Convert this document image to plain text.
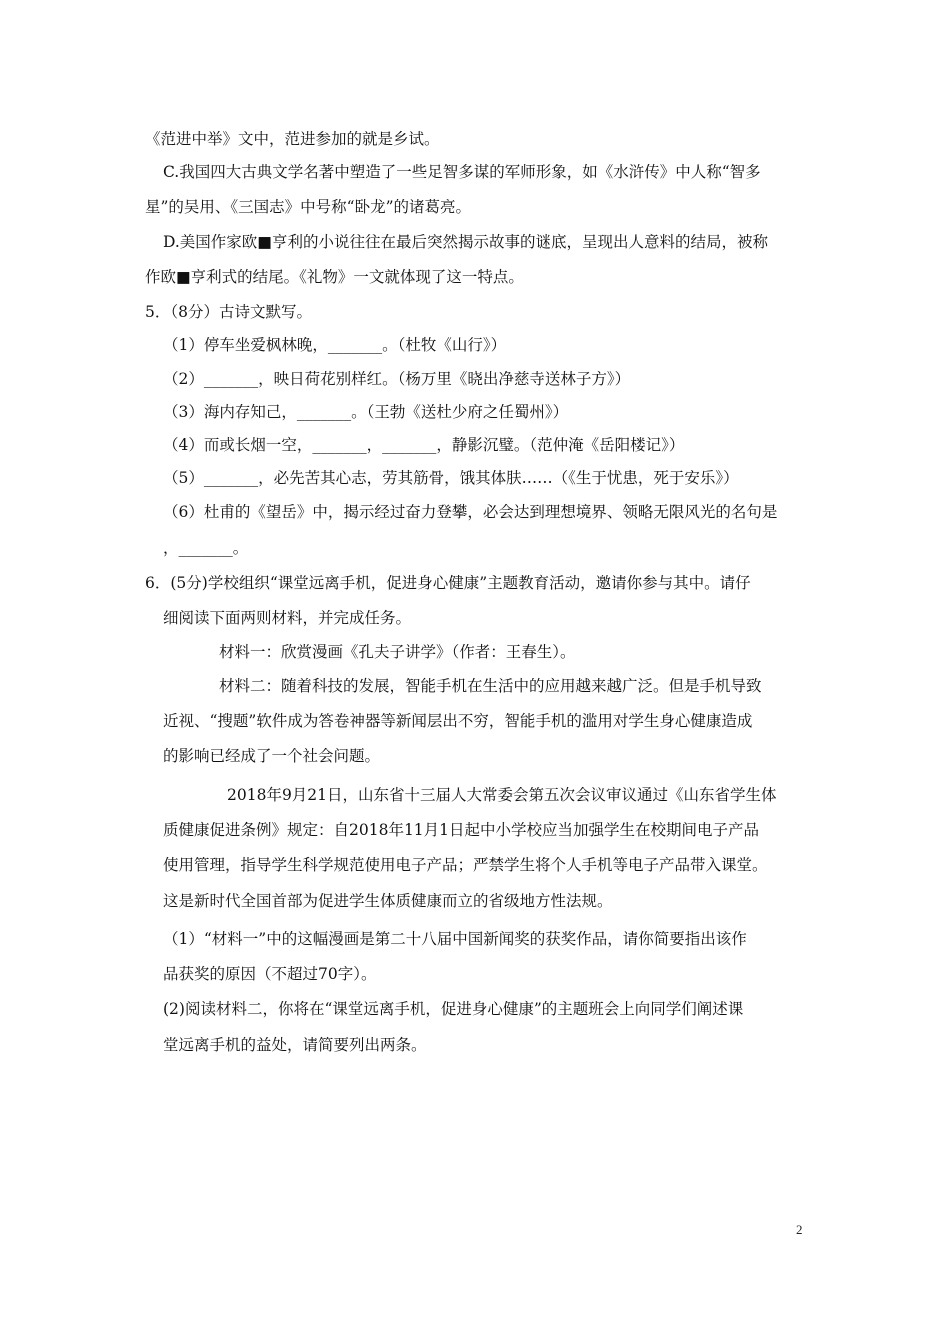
《范进中举》文中，范进参加的就是乡试。
C.我国四大古典文学名著中塑造了一些足智多谋的军师形象，如《水浒传》中人称“智多
星”的吴用、《三国志》中号称“卧龙”的诸葛亮。
D.美国作家欧■亨利的小说往往在最后突然揭示故事的谜底，呈现出人意料的结局，被称
作欧■亨利式的结尾。《礼物》一文就体现了这一特点。
5．（8分）古诗文默写。
（1）停车坐爱枫林晚，_______。（杜牧《山行》）
（2）_______，映日荷花别样红。（杨万里《晓出净慈寺送林子方》）
（3）海内存知己，_______。（王勃《送杜少府之任蜀州》）
（4）而或长烟一空，_______，_______，静影沉璧。（范仲淹《岳阳楼记》）
（5）_______，必先苦其心志，劳其筋骨，饿其体肤……（《生于忧患，死于安乐》）
（6）杜甫的《望岳》中，揭示经过奋力登攀，必会达到理想境界、领略无限风光的名句是
，_______。
6．(5分)学校组织“课堂远离手机，促进身心健康”主题教育活动，邀请你参与其中。请仔
细阅读下面两则材料，并完成任务。
材料一：欣赏漫画《孔夫子讲学》（作者：王春生）。
材料二：随着科技的发展，智能手机在生活中的应用越来越广泛。但是手机导致
近视、“搜题”软件成为答卷神器等新闻层出不穷，智能手机的滥用对学生身心健康造成
的影响已经成了一个社会问题。
2018年9月21日，山东省十三届人大常委会第五次会议审议通过《山东省学生体
质健康促进条例》规定：自2018年11月1日起中小学校应当加强学生在校期间电子产品
使用管理，指导学生科学规范使用电子产品；严禁学生将个人手机等电子产品带入课堂。
这是新时代全国首部为促进学生体质健康而立的省级地方性法规。
（1）“材料一”中的这幅漫画是第二十八届中国新闻奖的获奖作品，请你简要指出该作
品获奖的原因（不超过70字）。
(2)阅读材料二，你将在“课堂远离手机，促进身心健康”的主题班会上向同学们阐述课
堂远离手机的益处，请简要列出两条。
2
